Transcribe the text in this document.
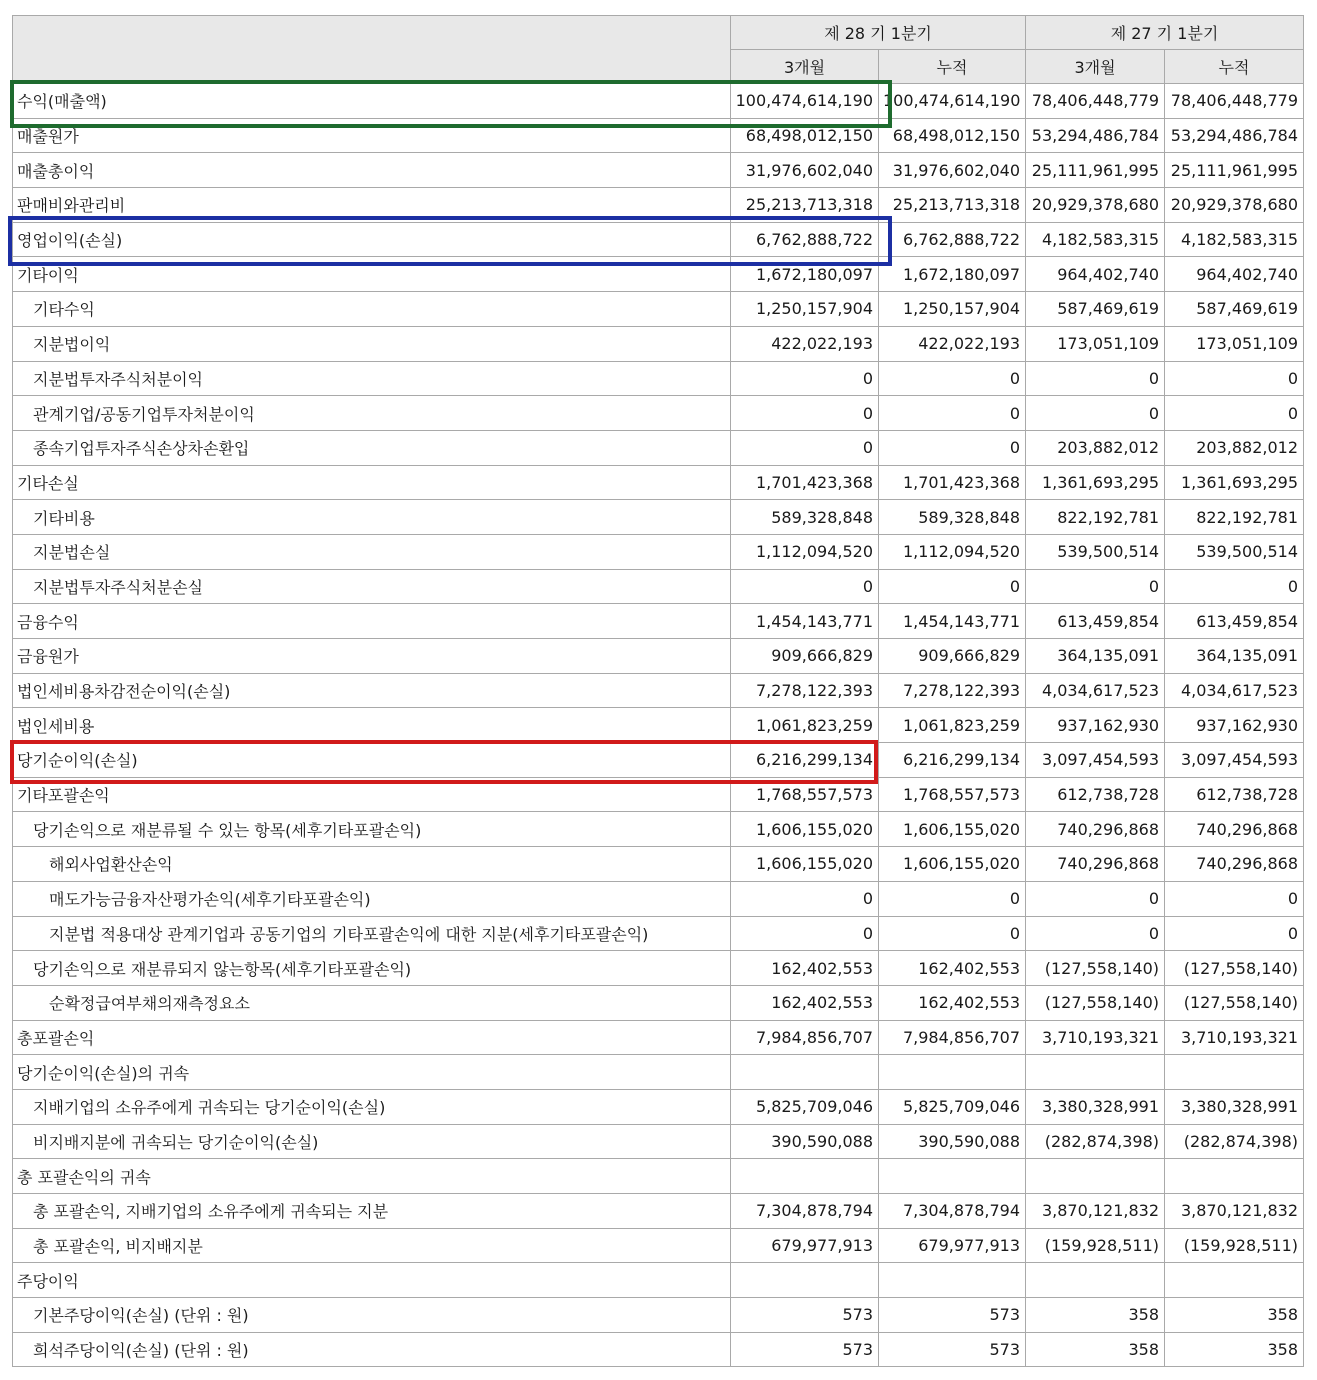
	제 28 기 1분기		제 27 기 1분기	
	3개월	누적	3개월	누적
수익(매출액)	100,474,614,190	100,474,614,190	78,406,448,779	78,406,448,779
매출원가	68,498,012,150	68,498,012,150	53,294,486,784	53,294,486,784
매출총이익	31,976,602,040	31,976,602,040	25,111,961,995	25,111,961,995
판매비와관리비	25,213,713,318	25,213,713,318	20,929,378,680	20,929,378,680
영업이익(손실)	6,762,888,722	6,762,888,722	4,182,583,315	4,182,583,315
기타이익	1,672,180,097	1,672,180,097	964,402,740	964,402,740
기타수익	1,250,157,904	1,250,157,904	587,469,619	587,469,619
지분법이익	422,022,193	422,022,193	173,051,109	173,051,109
지분법투자주식처분이익	0	0	0	0
관계기업/공동기업투자처분이익	0	0	0	0
종속기업투자주식손상차손환입	0	0	203,882,012	203,882,012
기타손실	1,701,423,368	1,701,423,368	1,361,693,295	1,361,693,295
기타비용	589,328,848	589,328,848	822,192,781	822,192,781
지분법손실	1,112,094,520	1,112,094,520	539,500,514	539,500,514
지분법투자주식처분손실	0	0	0	0
금융수익	1,454,143,771	1,454,143,771	613,459,854	613,459,854
금융원가	909,666,829	909,666,829	364,135,091	364,135,091
법인세비용차감전순이익(손실)	7,278,122,393	7,278,122,393	4,034,617,523	4,034,617,523
법인세비용	1,061,823,259	1,061,823,259	937,162,930	937,162,930
당기순이익(손실)	6,216,299,134	6,216,299,134	3,097,454,593	3,097,454,593
기타포괄손익	1,768,557,573	1,768,557,573	612,738,728	612,738,728
당기손익으로 재분류될 수 있는 항목(세후기타포괄손익)	1,606,155,020	1,606,155,020	740,296,868	740,296,868
해외사업환산손익	1,606,155,020	1,606,155,020	740,296,868	740,296,868
매도가능금융자산평가손익(세후기타포괄손익)	0	0	0	0
지분법 적용대상 관계기업과 공동기업의 기타포괄손익에 대한 지분(세후기타포괄손익)	0	0	0	0
당기손익으로 재분류되지 않는항목(세후기타포괄손익)	162,402,553	162,402,553	(127,558,140)	(127,558,140)
순확정급여부채의재측정요소	162,402,553	162,402,553	(127,558,140)	(127,558,140)
총포괄손익	7,984,856,707	7,984,856,707	3,710,193,321	3,710,193,321
당기순이익(손실)의 귀속				
지배기업의 소유주에게 귀속되는 당기순이익(손실)	5,825,709,046	5,825,709,046	3,380,328,991	3,380,328,991
비지배지분에 귀속되는 당기순이익(손실)	390,590,088	390,590,088	(282,874,398)	(282,874,398)
총 포괄손익의 귀속				
총 포괄손익, 지배기업의 소유주에게 귀속되는 지분	7,304,878,794	7,304,878,794	3,870,121,832	3,870,121,832
총 포괄손익, 비지배지분	679,977,913	679,977,913	(159,928,511)	(159,928,511)
주당이익				
기본주당이익(손실) (단위 : 원)	573	573	358	358
희석주당이익(손실) (단위 : 원)	573	573	358	358
